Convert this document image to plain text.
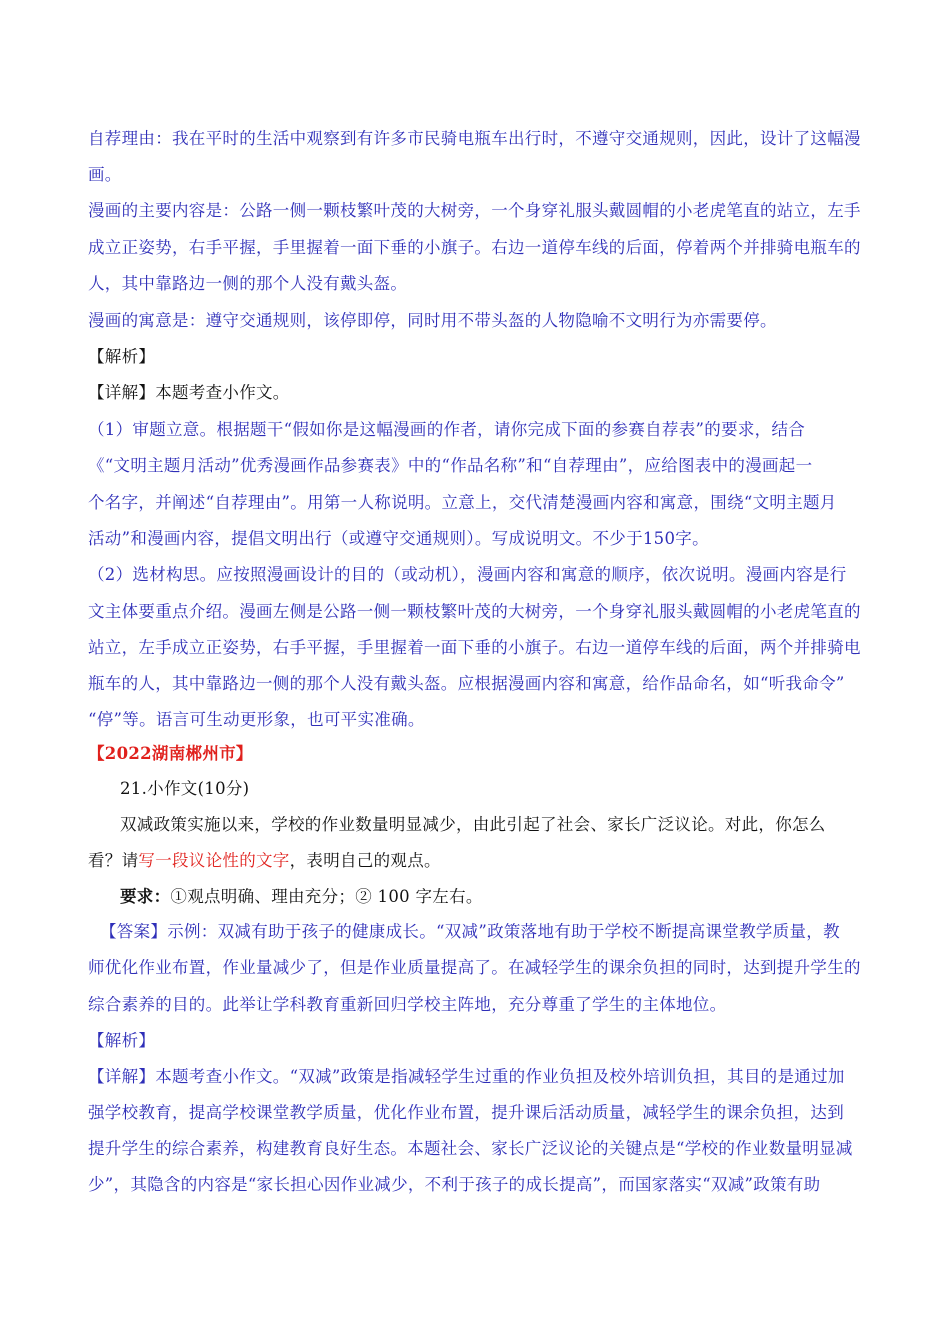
自荐理由：我在平时的生活中观察到有许多市民骑电瓶车出行时，不遵守交通规则，因此，设计了这幅漫
画。
漫画的主要内容是：公路一侧一颗枝繁叶茂的大树旁，一个身穿礼服头戴圆帽的小老虎笔直的站立，左手
成立正姿势，右手平握，手里握着一面下垂的小旗子。右边一道停车线的后面，停着两个并排骑电瓶车的
人，其中靠路边一侧的那个人没有戴头盔。
漫画的寓意是：遵守交通规则，该停即停，同时用不带头盔的人物隐喻不文明行为亦需要停。
【解析】
【详解】本题考查小作文。
（1）审题立意。根据题干“假如你是这幅漫画的作者，请你完成下面的参赛自荐表”的要求，结合
《“文明主题月活动”优秀漫画作品参赛表》中的“作品名称”和“自荐理由”，应给图表中的漫画起一
个名字，并阐述“自荐理由”。用第一人称说明。立意上，交代清楚漫画内容和寓意，围绕“文明主题月
活动”和漫画内容，提倡文明出行（或遵守交通规则）。写成说明文。不少于150字。
（2）选材构思。应按照漫画设计的目的（或动机），漫画内容和寓意的顺序，依次说明。漫画内容是行
文主体要重点介绍。漫画左侧是公路一侧一颗枝繁叶茂的大树旁，一个身穿礼服头戴圆帽的小老虎笔直的
站立，左手成立正姿势，右手平握，手里握着一面下垂的小旗子。右边一道停车线的后面，两个并排骑电
瓶车的人，其中靠路边一侧的那个人没有戴头盔。应根据漫画内容和寓意，给作品命名，如“听我命令”
“停”等。语言可生动更形象，也可平实准确。
【2022湖南郴州市】
21.小作文(10分)
双减政策实施以来，学校的作业数量明显减少，由此引起了社会、家长广泛议论。对此，你怎么
看？请写一段议论性的文字，表明自己的观点。
要求：①观点明确、理由充分；② 100 字左右。
【答案】示例：双减有助于孩子的健康成长。“双减”政策落地有助于学校不断提高课堂教学质量，教
师优化作业布置，作业量减少了，但是作业质量提高了。在减轻学生的课余负担的同时，达到提升学生的
综合素养的目的。此举让学科教育重新回归学校主阵地，充分尊重了学生的主体地位。
【解析】
【详解】本题考查小作文。“双减”政策是指减轻学生过重的作业负担及校外培训负担，其目的是通过加
强学校教育，提高学校课堂教学质量，优化作业布置，提升课后活动质量，减轻学生的课余负担，达到
提升学生的综合素养，构建教育良好生态。本题社会、家长广泛议论的关键点是“学校的作业数量明显减
少”，其隐含的内容是“家长担心因作业减少，不利于孩子的成长提高”，而国家落实“双减”政策有助
